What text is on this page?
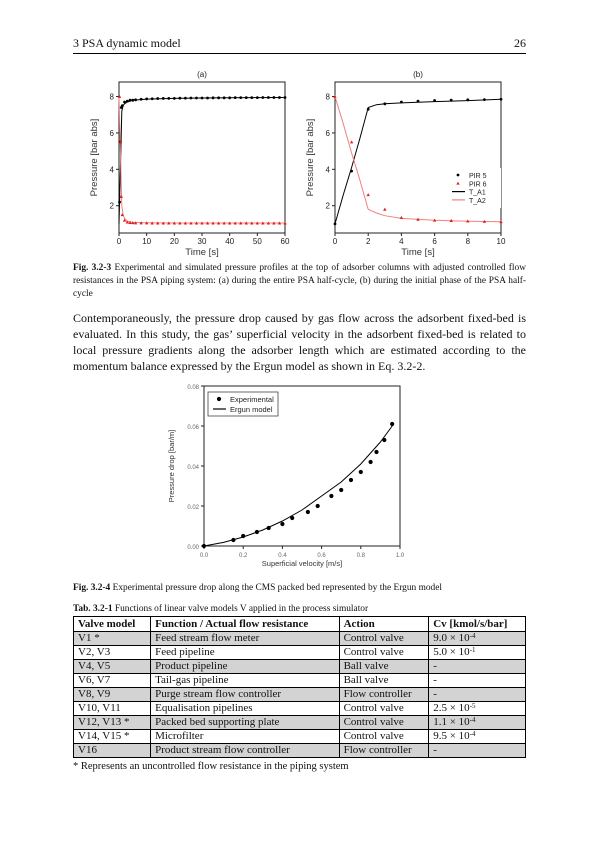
3 PSA dynamic model	26
0	10 20 30 40 50 60
2
4
6
8
Time [s]
Pressure [bar abs]
(a)
0	2	4	6	8	10
2
4
6
8
Time [s]
Pressure [bar abs]
(b)
PIR 5
PIR 6
T_A1
T_A2
Fig. 3.2-3 Experimental and simulated pressure profiles at the top of adsorber columns with adjusted controlled flow resistances in the PSA piping system: (a) during the entire PSA half-cycle, (b) during the initial phase of the PSA half-cycle
Contemporaneously, the pressure drop caused by gas flow across the adsorbent fixed-bed is evaluated. In this study, the gas’ superficial velocity in the adsorbent fixed-bed is related to local pressure gradients along the adsorber length which are estimated according to the momentum balance expressed by the Ergun model as shown in Eq. 3.2-2.
0.0	0.2	0.4	0.6	0.8	1.0
0.00
0.02
0.04
0.06
0.08
Superficial velocity [m/s]
Pressure drop [bar/m]
Experimental
Ergun model
Fig. 3.2-4 Experimental pressure drop along the CMS packed bed represented by the Ergun model
Tab. 3.2-1 Functions of linear valve models V applied in the process simulator
Valve model	Function / Actual flow resistance	Action	Cv [kmol/s/bar]
V1 *	Feed stream flow meter	Control valve	$9.0 \times 10^{-4}$
V2, V3	Feed pipeline	Control valve	$5.0 \times 10^{-1}$
V4, V5	Product pipeline	Ball valve	-
V6, V7	Tail-gas pipeline	Ball valve	-
V8, V9	Purge stream flow controller	Flow controller	-
V10, V11	Equalisation pipelines	Control valve	$2.5 \times 10^{-5}$
V12, V13 *	Packed bed supporting plate	Control valve	$1.1 \times 10^{-4}$
V14, V15 *	Microfilter	Control valve	$9.5 \times 10^{-4}$
V16	Product stream flow controller	Flow controller	-
* Represents an uncontrolled flow resistance in the piping system
